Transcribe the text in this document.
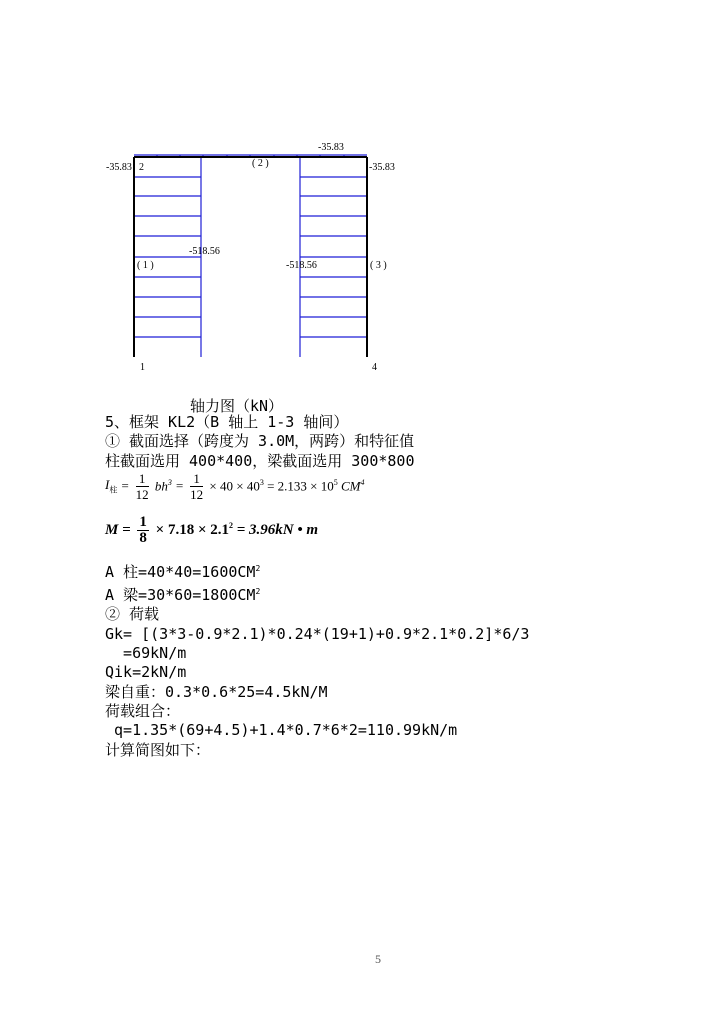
-35.83
-35.83 2	( 2 )	-35.83
-518.56
( 1 )	-518.56	( 3 )
1	4
轴力图（kN）
5、框架 KL2（B 轴上 1-3 轴间）
① 截面选择（跨度为 3.0M，两跨）和特征值
柱截面选用 400*400，梁截面选用 300*800
$I_柱 = \frac{1}{12} bh^3 = \frac{1}{12} \times 40 \times 40^3 = 2.133 \times 10^5$ $CM^4$
$M = \frac{1}{8} \times 7.18 \times 2.1^2 = 3.96kN$ • m
A 柱$=40*40=1600CM^2$
A 梁$=30*60=1800CM^2$
② 荷载
Gk= [(3*3-0.9*2.1)*0.24*(19+1)+0.9*2.1*0.2]*6/3
=69kN/m
Qik=2kN/m
梁自重：0.3*0.6*25=4.5kN/M
荷载组合：
q=1.35*(69+4.5)+1.4*0.7*6*2=110.99kN/m
计算简图如下：
5
